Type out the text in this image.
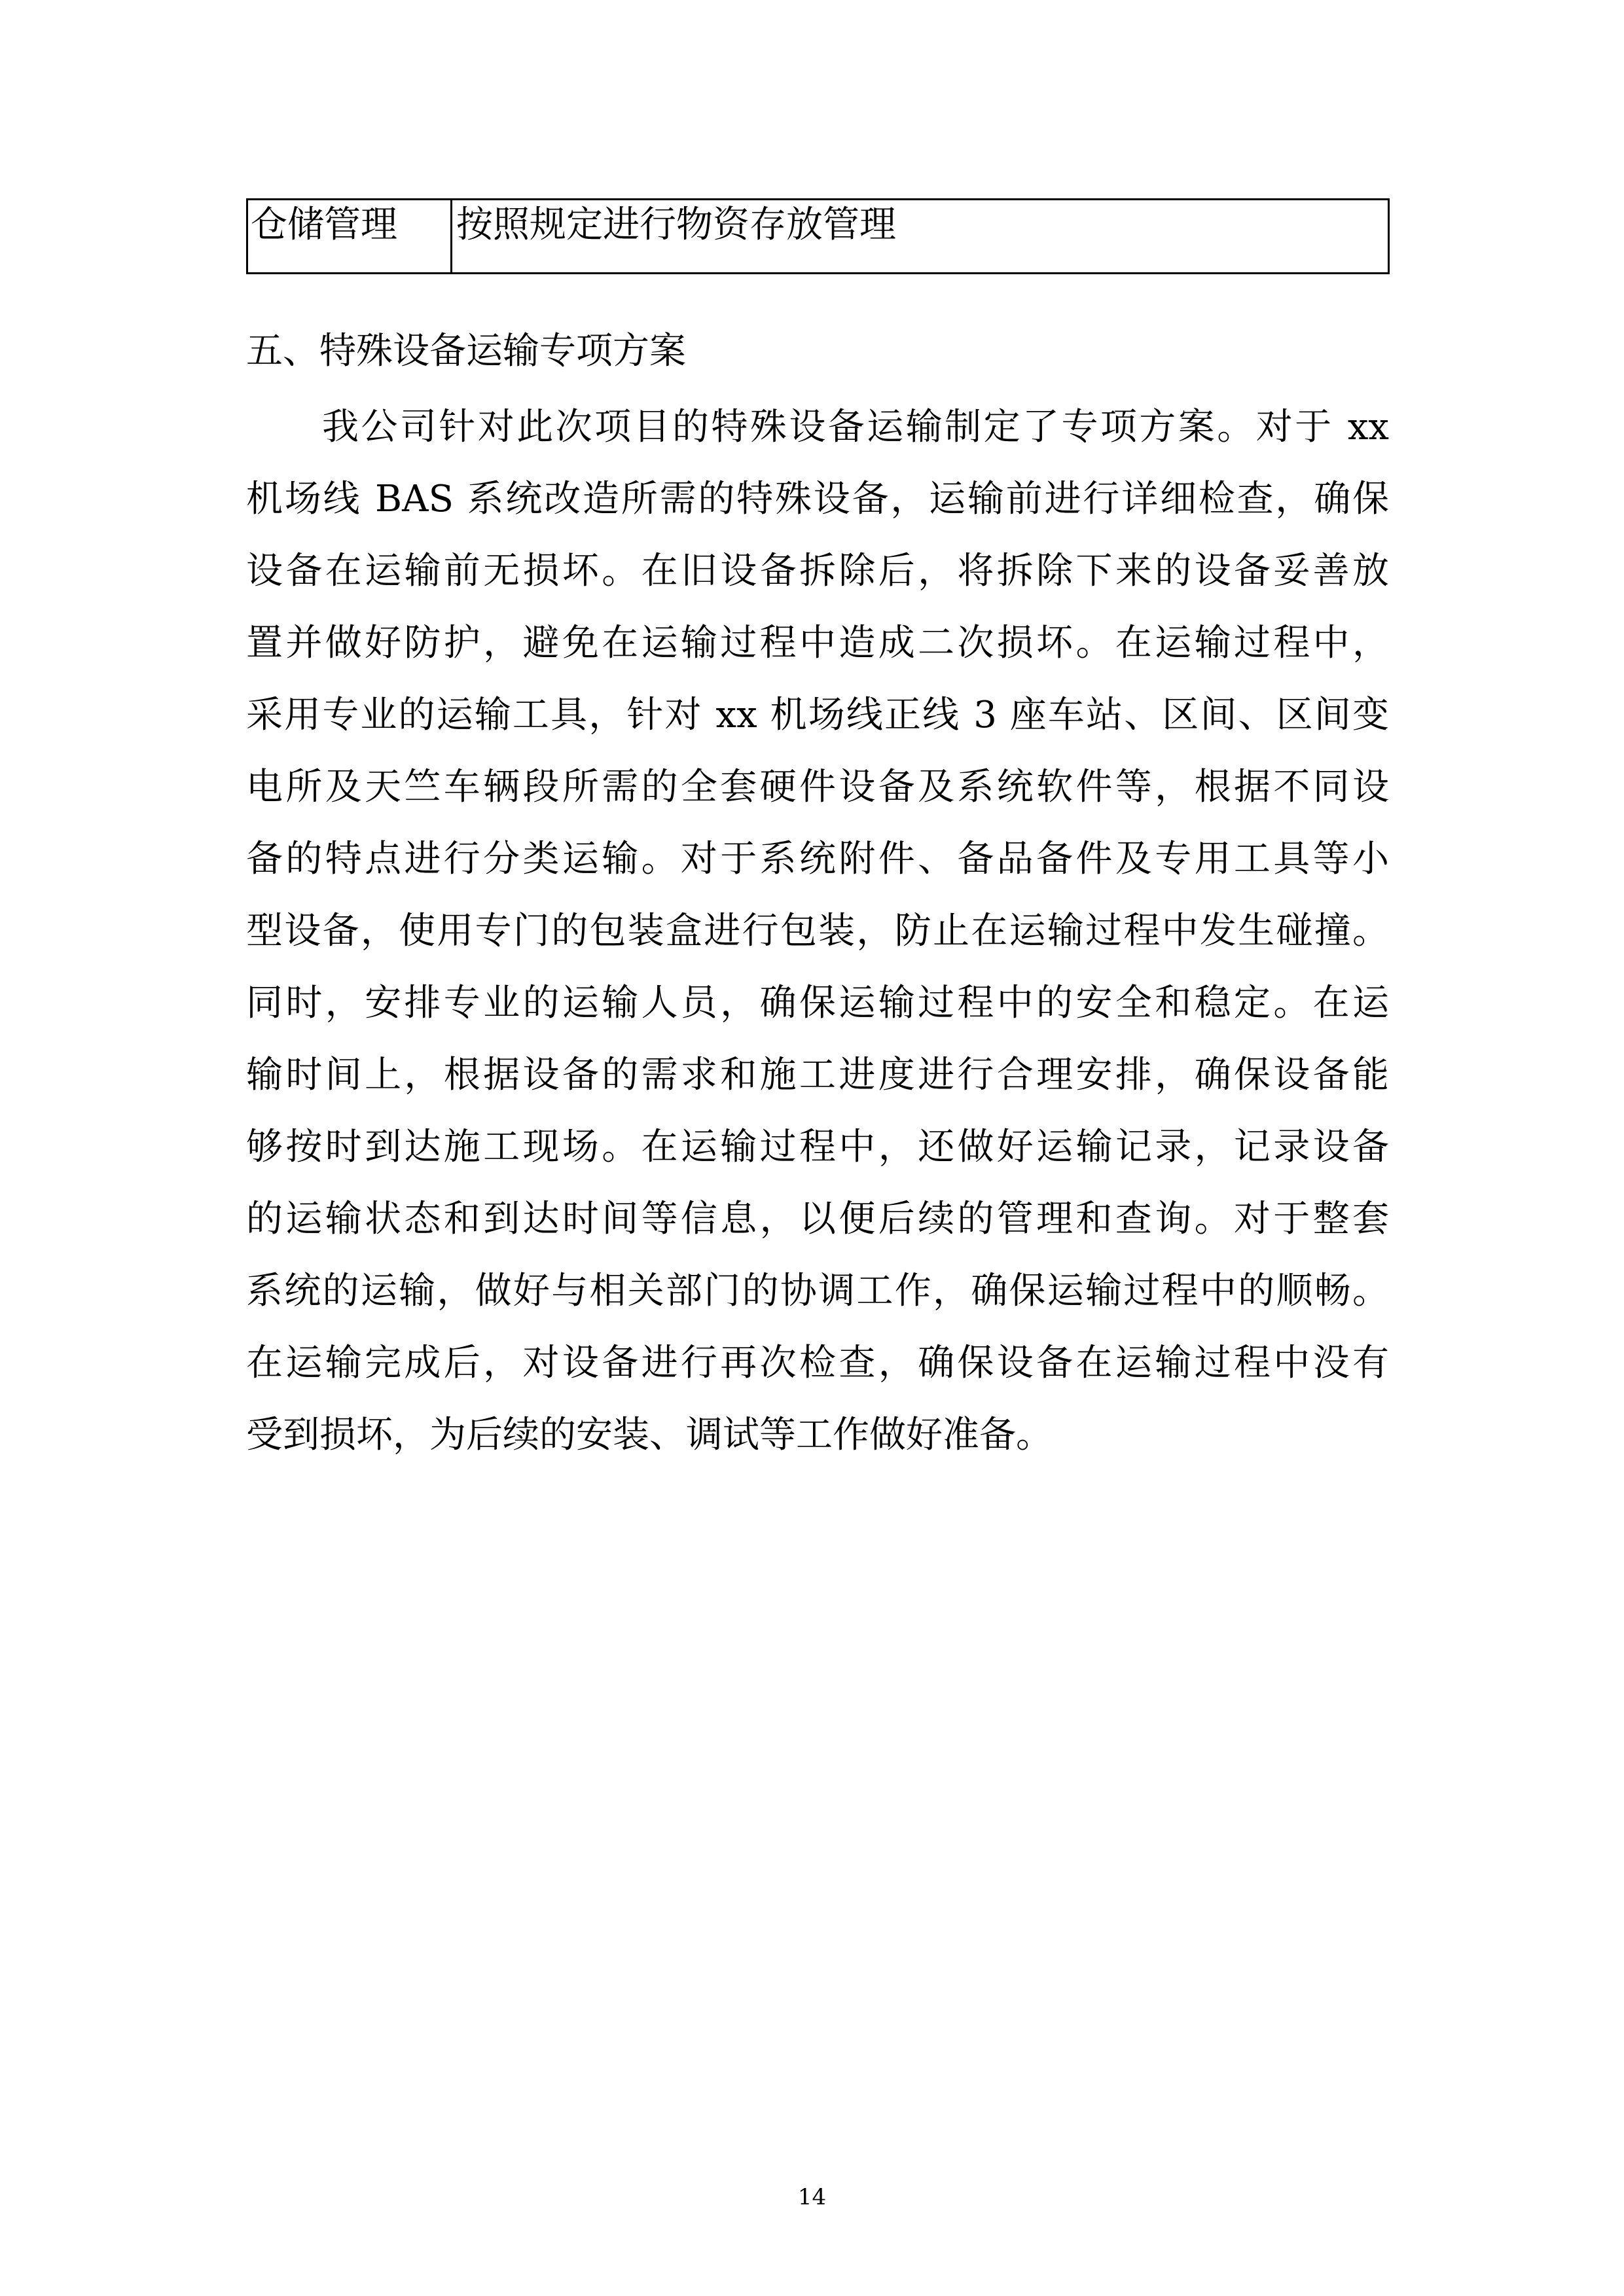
仓储管理	按照规定进行物资存放管理
五、特殊设备运输专项方案
我公司针对此次项目的特殊设备运输制定了专项方案。对于 xx
机场线 BAS 系统改造所需的特殊设备，运输前进行详细检查，确保
设备在运输前无损坏。在旧设备拆除后，将拆除下来的设备妥善放
置并做好防护，避免在运输过程中造成二次损坏。在运输过程中，
采用专业的运输工具，针对 xx 机场线正线 3 座车站、区间、区间变
电所及天竺车辆段所需的全套硬件设备及系统软件等，根据不同设
备的特点进行分类运输。对于系统附件、备品备件及专用工具等小
型设备，使用专门的包装盒进行包装，防止在运输过程中发生碰撞。
同时，安排专业的运输人员，确保运输过程中的安全和稳定。在运
输时间上，根据设备的需求和施工进度进行合理安排，确保设备能
够按时到达施工现场。在运输过程中，还做好运输记录，记录设备
的运输状态和到达时间等信息，以便后续的管理和查询。对于整套
系统的运输，做好与相关部门的协调工作，确保运输过程中的顺畅。
在运输完成后，对设备进行再次检查，确保设备在运输过程中没有
受到损坏，为后续的安装、调试等工作做好准备。
14
